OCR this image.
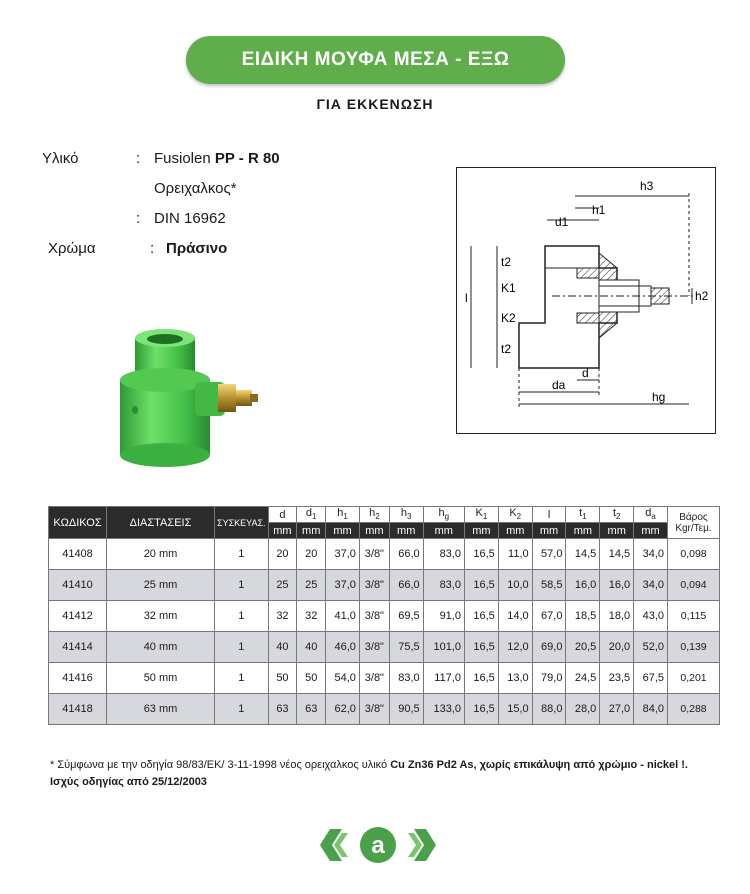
ΕΙΔΙΚΗ ΜΟΥΦΑ ΜΕΣΑ - ΕΞΩ
ΓΙΑ ΕΚΚΕΝΩΣΗ
Υλικό	: Fusiolen PP - R 80
Ορειχαλκος*
: DIN 16962
Χρώμα	: Πράσινο
h3
h1
d1
l
t2
K1
K2
t2
h2
d
da
hg
ΚΩΔΙΚΟΣ	ΔΙΑΣΤΑΣΕΙΣ	ΣΥΣΚΕΥΑΣ.	d	$d_1$	$h_1$	$h_2$	$h_3$	$h_g$	$K_1$	$K_2$	l	$t_1$	$t_2$	$d_a$	Βάρος
Kgr/Τεμ.
			mm	mm	mm	mm	mm	mm	mm	mm	mm	mm	mm	mm	
41408	20 mm	1	20	20	37,0	3/8"	66,0	83,0	16,5	11,0	57,0	14,5	14,5	34,0	0,098
41410	25 mm	1	25	25	37,0	3/8"	66,0	83,0	16,5	10,0	58,5	16,0	16,0	34,0	0,094
41412	32 mm	1	32	32	41,0	3/8"	69,5	91,0	16,5	14,0	67,0	18,5	18,0	43,0	0,115
41414	40 mm	1	40	40	46,0	3/8"	75,5	101,0	16,5	12,0	69,0	20,5	20,0	52,0	0,139
41416	50 mm	1	50	50	54,0	3/8"	83,0	117,0	16,5	13,0	79,0	24,5	23,5	67,5	0,201
41418	63 mm	1	63	63	62,0	3/8"	90,5	133,0	16,5	15,0	88,0	28,0	27,0	84,0	0,288
* Σύμφωνα με την οδηγία 98/83/ΕΚ/ 3-11-1998 νέος ορειχαλκος υλικό Cu Zn36 Pd2 As, χωρίς επικάλυψη από χρώμιο - nickel !.
Ισχύς οδηγίας από 25/12/2003
a
